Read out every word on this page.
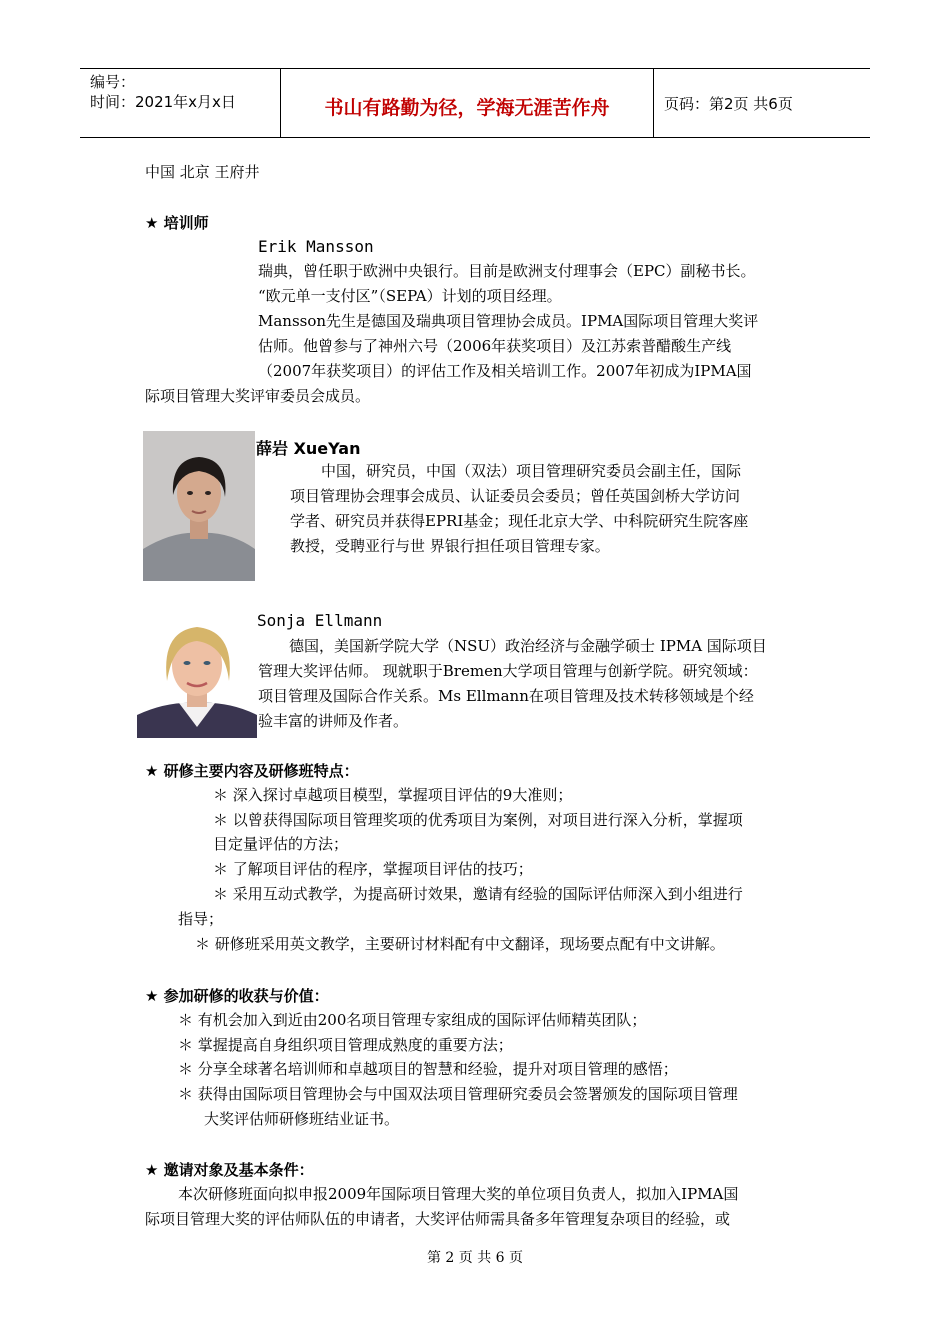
编号：
时间：2021年x月x日	书山有路勤为径，学海无涯苦作舟	页码：第2页 共6页
中国 北京 王府井
★ 培训师
Erik Mansson
瑞典，曾任职于欧洲中央银行。目前是欧洲支付理事会（EPC）副秘书长。
“欧元单一支付区”（SEPA）计划的项目经理。
Mansson先生是德国及瑞典项目管理协会成员。IPMA国际项目管理大奖评
估师。他曾参与了神州六号（2006年获奖项目）及江苏索普醋酸生产线
（2007年获奖项目）的评估工作及相关培训工作。2007年初成为IPMA国
际项目管理大奖评审委员会成员。
薛岩 XueYan
中国，研究员，中国（双法）项目管理研究委员会副主任，国际
项目管理协会理事会成员、认证委员会委员；曾任英国剑桥大学访问
学者、研究员并获得EPRI基金；现任北京大学、中科院研究生院客座
教授，受聘亚行与世 界银行担任项目管理专家。
Sonja Ellmann
德国，美国新学院大学（NSU）政治经济与金融学硕士 IPMA 国际项目
管理大奖评估师。 现就职于Bremen大学项目管理与创新学院。研究领域：
项目管理及国际合作关系。Ms Ellmann在项目管理及技术转移领域是个经
验丰富的讲师及作者。
★ 研修主要内容及研修班特点：
＊ 深入探讨卓越项目模型，掌握项目评估的9大准则；
＊ 以曾获得国际项目管理奖项的优秀项目为案例，对项目进行深入分析，掌握项
目定量评估的方法；
＊ 了解项目评估的程序，掌握项目评估的技巧；
＊ 采用互动式教学，为提高研讨效果，邀请有经验的国际评估师深入到小组进行
指导；
＊ 研修班采用英文教学，主要研讨材料配有中文翻译，现场要点配有中文讲解。
★ 参加研修的收获与价值：
＊ 有机会加入到近由200名项目管理专家组成的国际评估师精英团队；
＊ 掌握提高自身组织项目管理成熟度的重要方法；
＊ 分享全球著名培训师和卓越项目的智慧和经验，提升对项目管理的感悟；
＊ 获得由国际项目管理协会与中国双法项目管理研究委员会签署颁发的国际项目管理
大奖评估师研修班结业证书。
★ 邀请对象及基本条件：
本次研修班面向拟申报2009年国际项目管理大奖的单位项目负责人，拟加入IPMA国
际项目管理大奖的评估师队伍的申请者，大奖评估师需具备多年管理复杂项目的经验，或
第 2 页 共 6 页
